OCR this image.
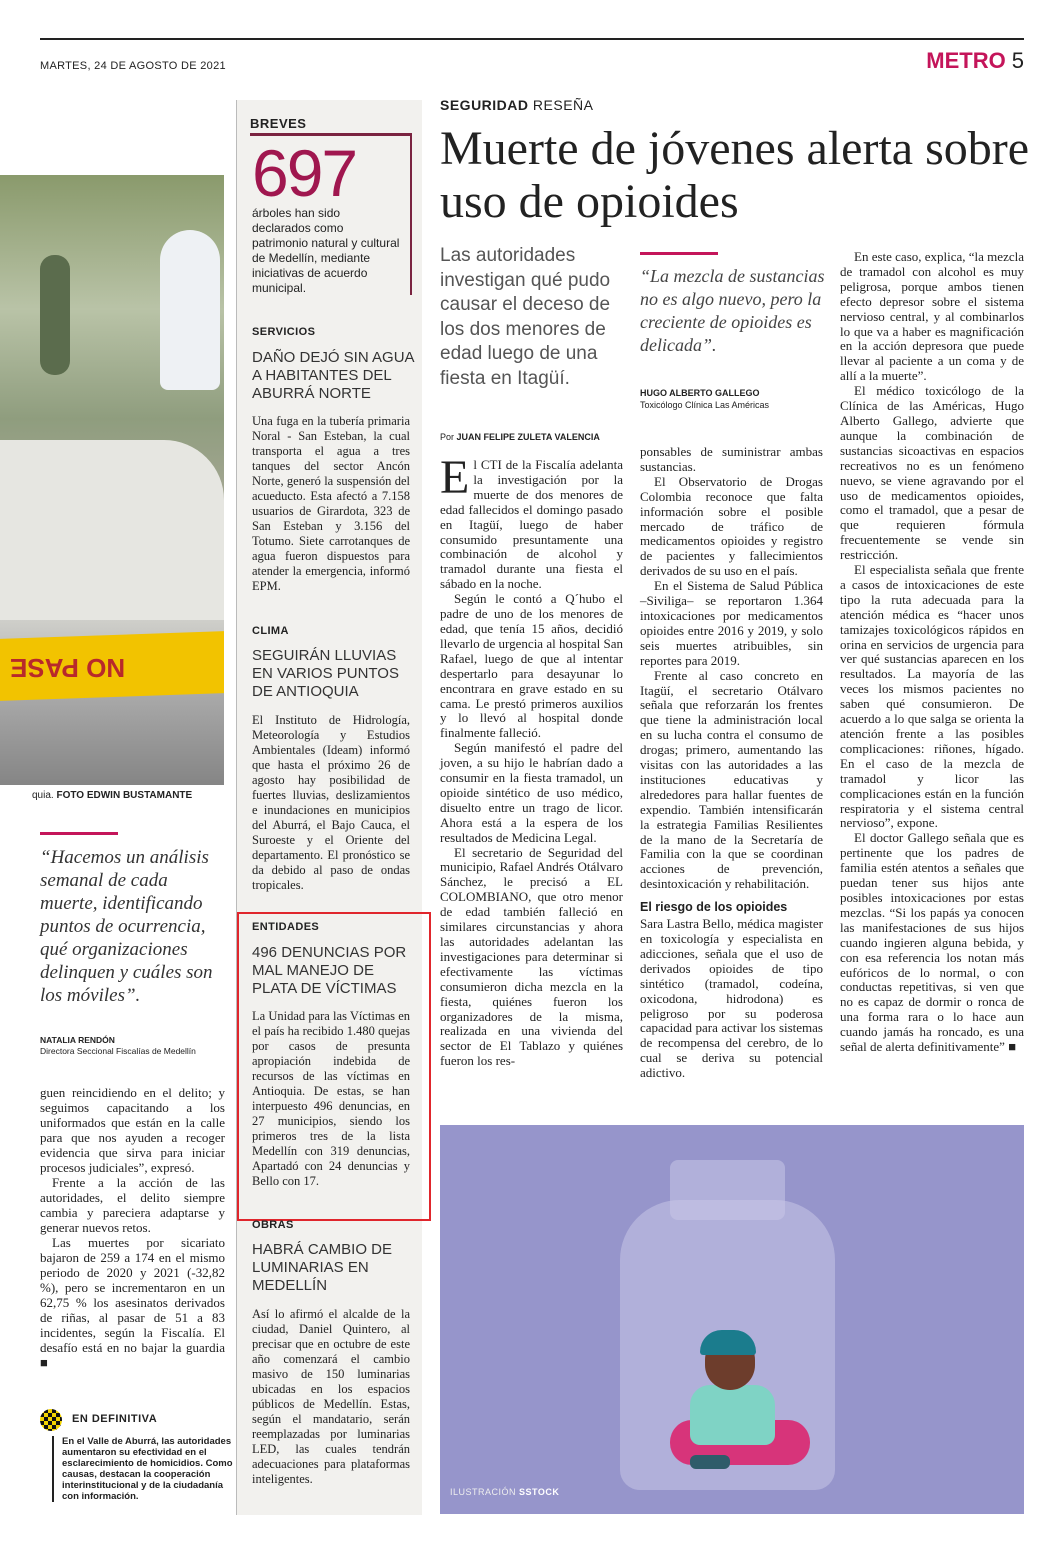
MARTES, 24 DE AGOSTO DE 2021	METRO 5
NO PASE
quia. FOTO EDWIN BUSTAMANTE
“Hacemos un análisis semanal de cada muerte, identificando puntos de ocurrencia, qué organizaciones delinquen y cuáles son los móviles”.
NATALIA RENDÓN
Directora Seccional Fiscalías de Medellín

guen reincidiendo en el delito; y seguimos capacitando a los uniformados que están en la calle para que nos ayuden a recoger evidencia que sirva para iniciar procesos judiciales”, expresó.

Frente a la acción de las autoridades, el delito siempre cambia y pareciera adaptarse y generar nuevos retos.

Las muertes por sicariato bajaron de 259 a 174 en el mismo periodo de 2020 y 2021 (-32,82 %), pero se incrementaron en un 62,75 % los asesinatos derivados de riñas, al pasar de 51 a 83 incidentes, según la Fiscalía. El desafío está en no bajar la guardia ■

EN DEFINITIVA
En el Valle de Aburrá, las autoridades aumentaron su efectividad en el esclarecimiento de homicidios. Como causas, destacan la cooperación interinstitucional y de la ciudadanía con información.
BREVES
697
árboles han sido declarados como patrimonio natural y cultural de Medellín, mediante iniciativas de acuerdo municipal.
SERVICIOS
DAÑO DEJÓ SIN AGUA A HABITANTES DEL ABURRÁ NORTE
Una fuga en la tubería primaria Noral - San Esteban, la cual transporta el agua a tres tanques del sector Ancón Norte, generó la suspensión del acueducto. Esta afectó a 7.158 usuarios de Girardota, 323 de San Esteban y 3.156 del Totumo. Siete carrotanques de agua fueron dispuestos para atender la emergencia, informó EPM.
CLIMA
SEGUIRÁN LLUVIAS EN VARIOS PUNTOS DE ANTIOQUIA
El Instituto de Hidrología, Meteorología y Estudios Ambientales (Ideam) informó que hasta el próximo 26 de agosto hay posibilidad de fuertes lluvias, deslizamientos e inundaciones en municipios del Aburrá, el Bajo Cauca, el Suroeste y el Oriente del departamento. El pronóstico se da debido al paso de ondas tropicales.
ENTIDADES
496 DENUNCIAS POR MAL MANEJO DE PLATA DE VÍCTIMAS
La Unidad para las Víctimas en el país ha recibido 1.480 quejas por casos de presunta apropiación indebida de recursos de las víctimas en Antioquia. De estas, se han interpuesto 496 denuncias, en 27 municipios, siendo los primeros tres de la lista Medellín con 319 denuncias, Apartadó con 24 denuncias y Bello con 17.
OBRAS
HABRÁ CAMBIO DE LUMINARIAS EN MEDELLÍN
Así lo afirmó el alcalde de la ciudad, Daniel Quintero, al precisar que en octubre de este año comenzará el cambio masivo de 150 luminarias ubicadas en los espacios públicos de Medellín. Estas, según el mandatario, serán reemplazadas por luminarias LED, las cuales tendrán adecuaciones para plataformas inteligentes.
SEGURIDAD RESEÑA
Muerte de jóvenes alerta sobre uso de opioides
Las autoridades investigan qué pudo causar el deceso de los dos menores de edad luego de una fiesta en Itagüí.
“La mezcla de sustancias no es algo nuevo, pero la creciente de opioides es delicada”.
HUGO ALBERTO GALLEGO
Toxicólogo Clínica Las Américas
Por JUAN FELIPE ZULETA VALENCIA

El CTI de la Fiscalía adelanta la investigación por la muerte de dos menores de edad fallecidos el domingo pasado en Itagüí, luego de haber consumido presuntamente una combinación de alcohol y tramadol durante una fiesta el sábado en la noche.

Según le contó a Q´hubo el padre de uno de los menores de edad, que tenía 15 años, decidió llevarlo de urgencia al hospital San Rafael, luego de que al intentar despertarlo para desayunar lo encontrara en grave estado en su cama. Le prestó primeros auxilios y lo llevó al hospital donde finalmente falleció.

Según manifestó el padre del joven, a su hijo le habrían dado a consumir en la fiesta tramadol, un opioide sintético de uso médico, disuelto entre un trago de licor. Ahora está a la espera de los resultados de Medicina Legal.

El secretario de Seguridad del municipio, Rafael Andrés Otálvaro Sánchez, le precisó a EL COLOMBIANO, que otro menor de edad también falleció en similares circunstancias y ahora las autoridades adelantan las investigaciones para determinar si efectivamente las víctimas consumieron dicha mezcla en la fiesta, quiénes fueron los organizadores de la misma, realizada en una vivienda del sector de El Tablazo y quiénes fueron los res-

ponsables de suministrar ambas sustancias.

El Observatorio de Drogas Colombia reconoce que falta información sobre el posible mercado de tráfico de medicamentos opioides y registro de pacientes y fallecimientos derivados de su uso en el país.

En el Sistema de Salud Pública –Siviliga– se reportaron 1.364 intoxicaciones por medicamentos opioides entre 2016 y 2019, y solo seis muertes atribuibles, sin reportes para 2019.

Frente al caso concreto en Itagüí, el secretario Otálvaro señala que reforzarán los frentes que tiene la administración local en su lucha contra el consumo de drogas; primero, aumentando las visitas con las autoridades a las instituciones educativas y alrededores para hallar fuentes de expendio. También intensificarán la estrategia Familias Resilientes de la mano de la Secretaría de Familia con la que se coordinan acciones de prevención, desintoxicación y rehabilitación.

El riesgo de los opioides

Sara Lastra Bello, médica magister en toxicología y especialista en adicciones, señala que el uso de derivados opioides de tipo sintético (tramadol, codeína, oxicodona, hidrodona) es peligroso por su poderosa capacidad para activar los sistemas de recompensa del cerebro, de lo cual se deriva su potencial adictivo.

En este caso, explica, “la mezcla de tramadol con alcohol es muy peligrosa, porque ambos tienen efecto depresor sobre el sistema nervioso central, y al combinarlos lo que va a haber es magnificación en la acción depresora que puede llevar al paciente a un coma y de allí a la muerte”.

El médico toxicólogo de la Clínica de las Américas, Hugo Alberto Gallego, advierte que aunque la combinación de sustancias sicoactivas en espacios recreativos no es un fenómeno nuevo, se viene agravando por el uso de medicamentos opioides, como el tramadol, que a pesar de que requieren fórmula frecuentemente se vende sin restricción.

El especialista señala que frente a casos de intoxicaciones de este tipo la ruta adecuada para la atención médica es “hacer unos tamizajes toxicológicos rápidos en orina en servicios de urgencia para ver qué sustancias aparecen en los resultados. La mayoría de las veces los mismos pacientes no saben qué consumieron. De acuerdo a lo que salga se orienta la atención frente a las posibles complicaciones: riñones, hígado. En el caso de la mezcla de tramadol y licor las complicaciones están en la función respiratoria y el sistema central nervioso”, expone.

El doctor Gallego señala que es pertinente que los padres de familia estén atentos a señales que puedan tener sus hijos ante posibles intoxicaciones por estas mezclas. “Si los papás ya conocen las manifestaciones de sus hijos cuando ingieren alguna bebida, y con esa referencia los notan más eufóricos de lo normal, o con conductas repetitivas, si ven que no es capaz de dormir o ronca de una forma rara o lo hace aun cuando jamás ha roncado, es una señal de alerta definitivamente” ■

ILUSTRACIÓN SSTOCK
